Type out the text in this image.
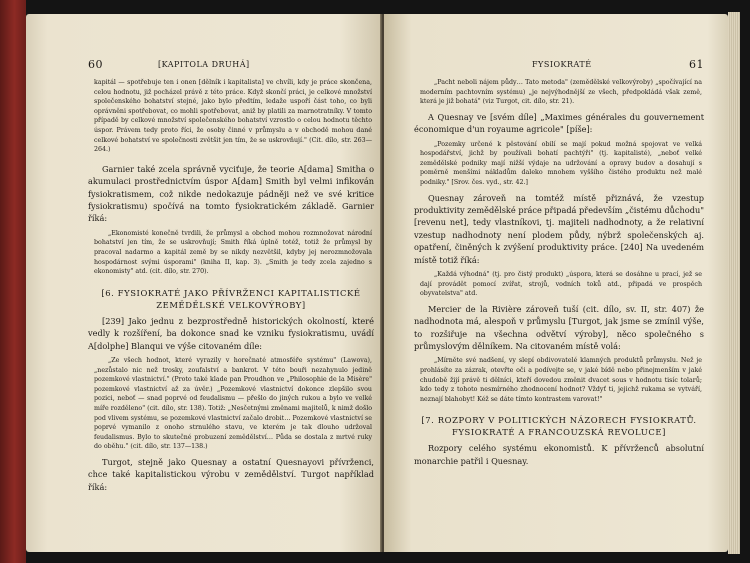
60	[KAPITOLA DRUHÁ]

kapitál — spotřebuje ten i onen [dělník i kapitalista] ve chvíli, kdy je práce skončena, celou hodnotu, již pocházel právě z této práce. Když skončí práci, je celkové množství společenského bohatství stejné, jako bylo předtím, ledaže uspoří část toho, co byli oprávněni spotřebovat, co mohli spotřebovat, aniž by platili za marnotratníky. V tomto případě by celkové množství společenského bohatství vzrostlo o celou hodnotu těchto úspor. Právem tedy proto říci, že osoby činné v průmyslu a v obchodě mohou dané celkové bohatství ve společnosti zvětšit jen tím, že se uskrovňují." (Cit. dílo, str. 263—264.)

Garnier také zcela správně vyciťuje, že teorie A[dama] Smitha o akumulaci prostřednictvím úspor A[dam] Smith byl velmi infikován fysiokratismem, což nikde nedokazuje pádněji než ve své kritice fysiokratismu) spočívá na tomto fysiokratickém základě. Garnier říká:

„Ekonomisté konečně tvrdili, že průmysl a obchod mohou rozmnožovat národní bohatství jen tím, že se uskrovňují; Smith říká úplně totéž, totiž že průmysl by pracoval nadarmo a kapitál země by se nikdy nezvětšil, kdyby jej nerozmnožovala hospodárnost svými úsporami" (kniha II, kap. 3). „Smith je tedy zcela zajedno s ekonomisty" atd. (cit. dílo, str. 270).

[6. FYSIOKRATÉ JAKO PŘÍVRŽENCI KAPITALISTICKÉ ZEMĚDĚLSKÉ VELKOVÝROBY]

[239] Jako jednu z bezprostředně historických okolností, které vedly k rozšíření, ba dokonce snad ke vzniku fysiokratismu, uvádí A[dolphe] Blanqui ve výše citovaném díle:

„Ze všech hodnot, které vyrazily v horečnaté atmosféře systému" (Lawova), „nezůstalo nic než trosky, zoufalství a bankrot. V této bouři nezahynulo jedině pozemkové vlastnictví." (Proto také klade pan Proudhon ve „Philosophie de la Misère" pozemkové vlastnictví až za úvěr.) „Pozemkové vlastnictví dokonce zlepšilo svou pozici, neboť — snad poprvé od feudalismu — přešlo do jiných rukou a bylo ve velké míře rozděleno" (cit. dílo, str. 138). Totiž: „Nesčetnými změnami majitelů, k nimž došlo pod vlivem systému, se pozemkové vlastnictví začalo drobit… Pozemkové vlastnictví se poprvé vymanilo z onoho strnulého stavu, ve kterém je tak dlouho udržoval feudalismus. Bylo to skutečné probuzení zemědělství… Půda se dostala z mrtvé ruky do oběhu." (cit. dílo, str. 137—138.)

Turgot, stejně jako Quesnay a ostatní Quesnayovi přívrženci, chce také kapitalistickou výrobu v zemědělství. Turgot například říká:

FYSIOKRATÉ	61

„Pacht neboli nájem půdy… Tato metoda" (zemědělské velkovýroby) „spočívající na moderním pachtovním systému) „je nejvýhodnější ze všech, předpokládá však země, která je již bohatá" (viz Turgot, cit. dílo, str. 21).

A Quesnay ve [svém díle] „Maximes générales du gouvernement économique d'un royaume agricole" [píše]:

„Pozemky určené k pěstování obilí se mají pokud možná spojovat ve velká hospodářství, jichž by používali bohatí pachtýři" (tj. kapitalisté), „neboť velké zemědělské podniky mají nižší výdaje na udržování a opravy budov a dosahují s poměrně menšími nákladům daleko mnohem vyššího čistého produktu než malé podniky." [Srov. čes. vyd., str. 42.]

Quesnay zároveň na tomtéž místě přiznává, že vzestup produktivity zemědělské práce připadá především „čistému důchodu" [revenu net], tedy vlastníkovi, tj. majiteli nadhodnoty, a že relativní vzestup nadhodnoty není plodem půdy, nýbrž společenských aj. opatření, činěných k zvýšení produktivity práce. [240] Na uvedeném místě totiž říká:

„Každá výhodná" (tj. pro čistý produkt) „úspora, která se dosáhne u prací, jež se dají provádět pomocí zvířat, strojů, vodních toků atd., připadá ve prospěch obyvatelstva" atd.

Mercier de la Rivière zároveň tuší (cit. dílo, sv. II, str. 407) že nadhodnota má, alespoň v průmyslu [Turgot, jak jsme se zmínil výše, to rozšiřuje na všechna odvětví výroby], něco společného s průmyslovým dělníkem. Na citovaném místě volá:

„Mírněte své nadšení, vy slepí obdivovatelé klamných produktů průmyslu. Než je prohlásíte za zázrak, otevřte oči a podívejte se, v jaké bídě nebo přinejmenším v jaké chudobě žijí právě ti dělníci, kteří dovedou změnit dvacet sous v hodnotu tisíc tolarů; kdo tedy z tohoto nesmírného zhodnocení hodnot? Vždyť ti, jejichž rukama se vytváří, neznají blahobyt! Kéž se dáte tímto kontrastem varovat!"

[7. ROZPORY V POLITICKÝCH NÁZORECH FYSIOKRATŮ. FYSIOKRATÉ A FRANCOUZSKÁ REVOLUCE]

Rozpory celého systému ekonomistů. K přívrženců absolutní monarchie patřil i Quesnay.
